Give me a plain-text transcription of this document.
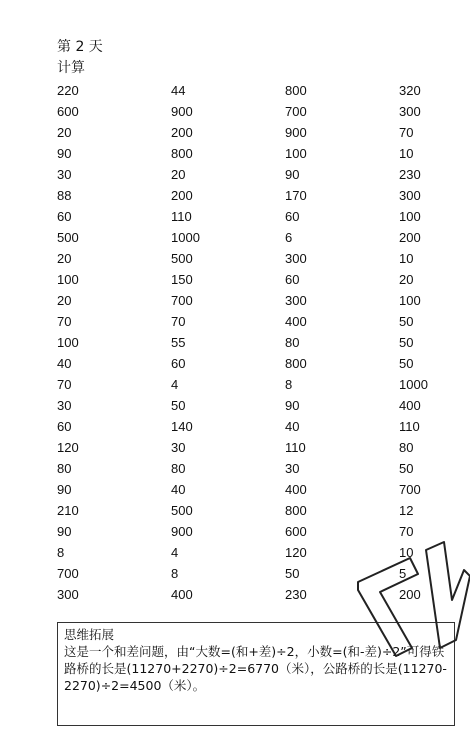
第 2 天
计算
220	44	800	320
600	900	700	300
20	200	900	70
90	800	100	10
30	20	90	230
88	200	170	300
60	110	60	100
500	1000	6	200
20	500	300	10
100	150	60	20
20	700	300	100
70	70	400	50
100	55	80	50
40	60	800	50
70	4	8	1000
30	50	90	400
60	140	40	110
120	30	110	80
80	80	30	50
90	40	400	700
210	500	800	12
90	900	600	70
8	4	120	10
700	8	50	5
300	400	230	200
思维拓展
这是一个和差问题，由“大数=(和+差)÷2，小数=(和-差)÷2”可得铁路桥的长是(11270+2270)÷2=6770（米），公路桥的长是(11270-2270)÷2=4500（米）。
